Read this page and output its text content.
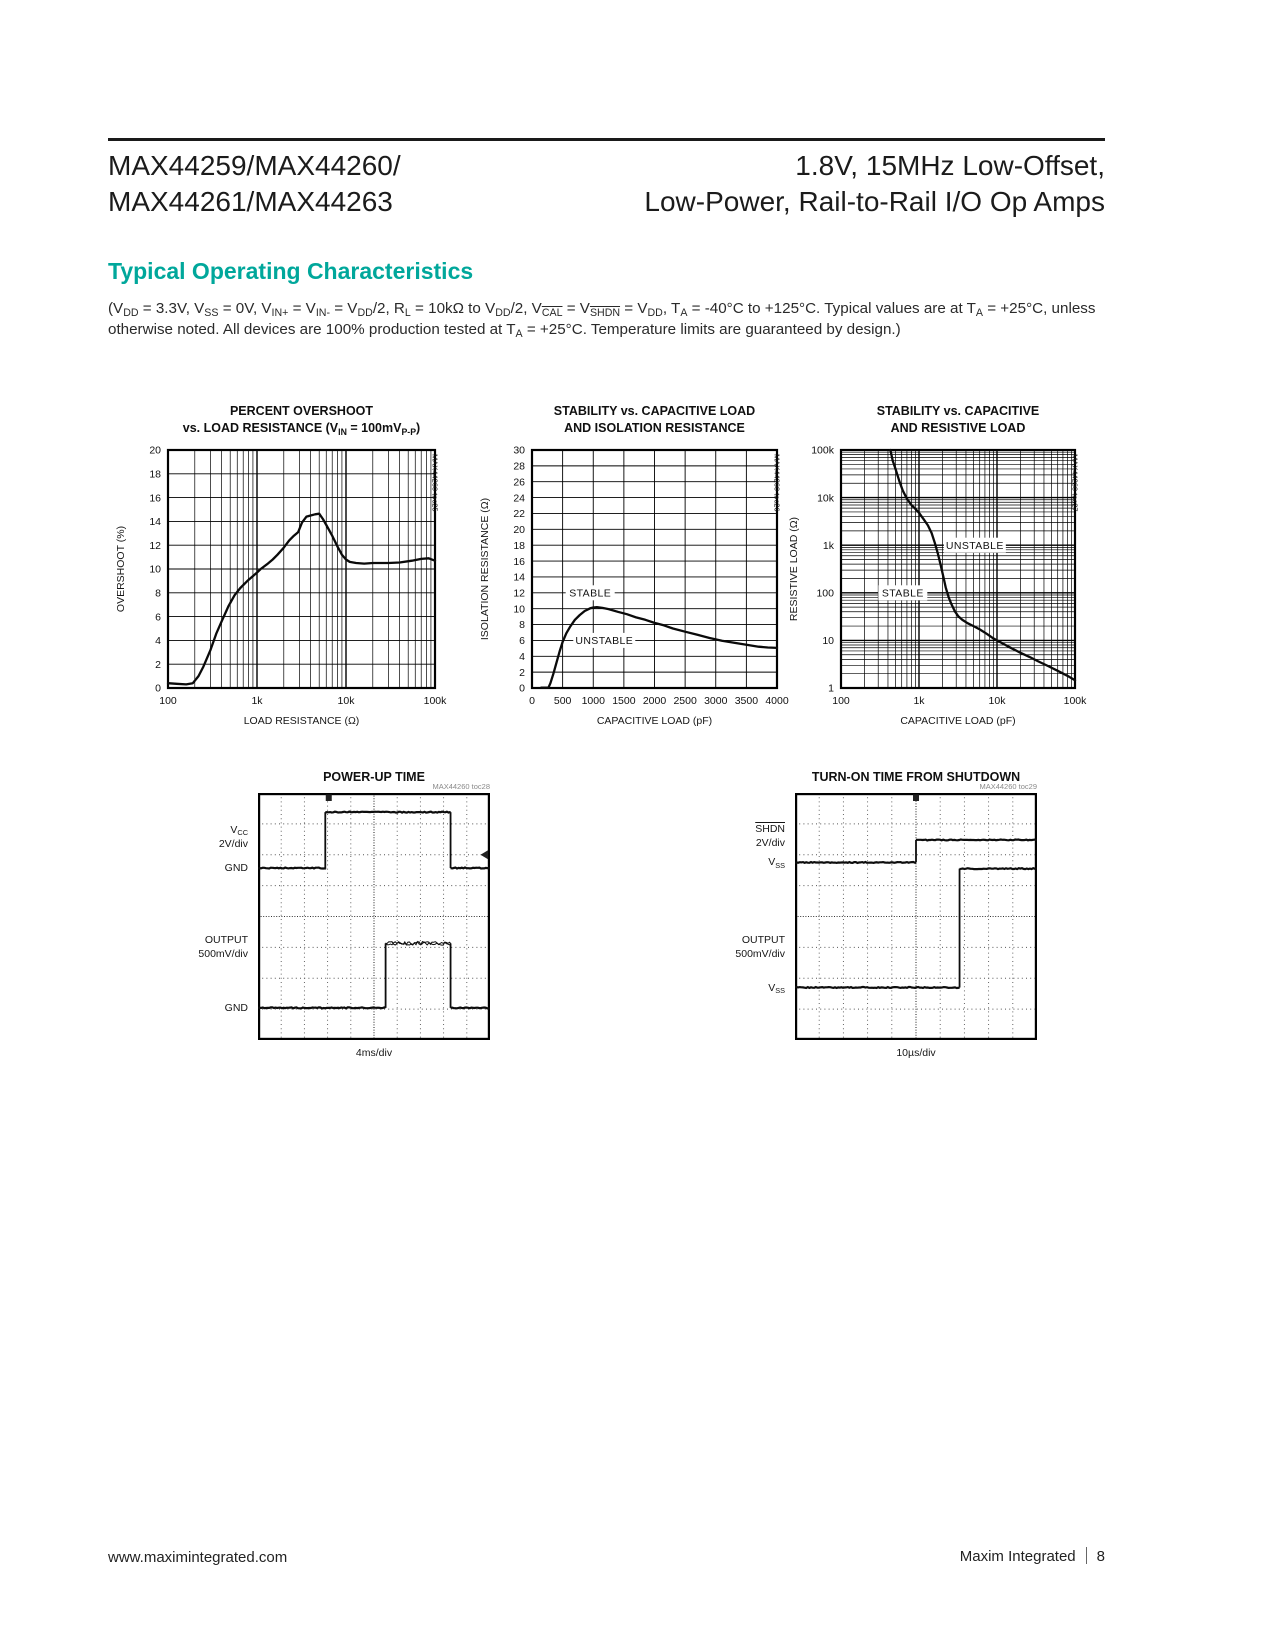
MAX44259/MAX44260/
MAX44261/MAX44263
1.8V, 15MHz Low-Offset,
Low-Power, Rail-to-Rail I/O Op Amps
Typical Operating Characteristics
($V_{DD} = 3.3V$, $V_{SS} = 0V$, $V_{IN+} = V_{IN-} = V_{DD}/2$, $R_L = 10k\Omega$ to $V_{DD}/2$, $V_{\overline{CAL}} = V_{SHDN} = V_{DD}$, $T_A = -40^\circ C$ to +125°C. Typical values are at $T_A = +25^\circ C$, unless otherwise noted. All devices are 100% production tested at $T_A = +25^\circ C$. Temperature limits are guaranteed by design.)
PERCENT OVERSHOOT
vs. LOAD RESISTANCE $(V_{IN} = 100mV_{P-P})$
OVERSHOOT (%)
LOAD RESISTANCE (Ω)
100	1k	10k	100k
20
18
16
14
12
10
8
6
4
2
0
MAX44260 toc25
STABILITY vs. CAPACITIVE LOAD
AND ISOLATION RESISTANCE
ISOLATION RESISTANCE (Ω)
CAPACITIVE LOAD (pF)
STABLE
UNSTABLE
0 500 1000 1500 2000 2500 3000 3500 4000
30
28
26
24
22
20
18
16
14
12
10
8
6
4
2
0
MAX44260 toc26
STABILITY vs. CAPACITIVE
AND RESISTIVE LOAD
RESISTIVE LOAD (Ω)
CAPACITIVE LOAD (pF)
UNSTABLE
STABLE
100	1k	10k	100k
100k
10k
1k
100
10
1
MAX44260 toc27
POWER-UP TIME
MAX44260 toc28
4ms/div
$V_{CC}$
2V/div
GND
OUTPUT
500mV/div
GND
TURN-ON TIME FROM SHUTDOWN
MAX44260 toc29
10µs/div
SHDN
2V/div
$V_{SS}$
OUTPUT
500mV/div
$V_{SS}$
www.maximintegrated.com	Maxim Integrated 8
